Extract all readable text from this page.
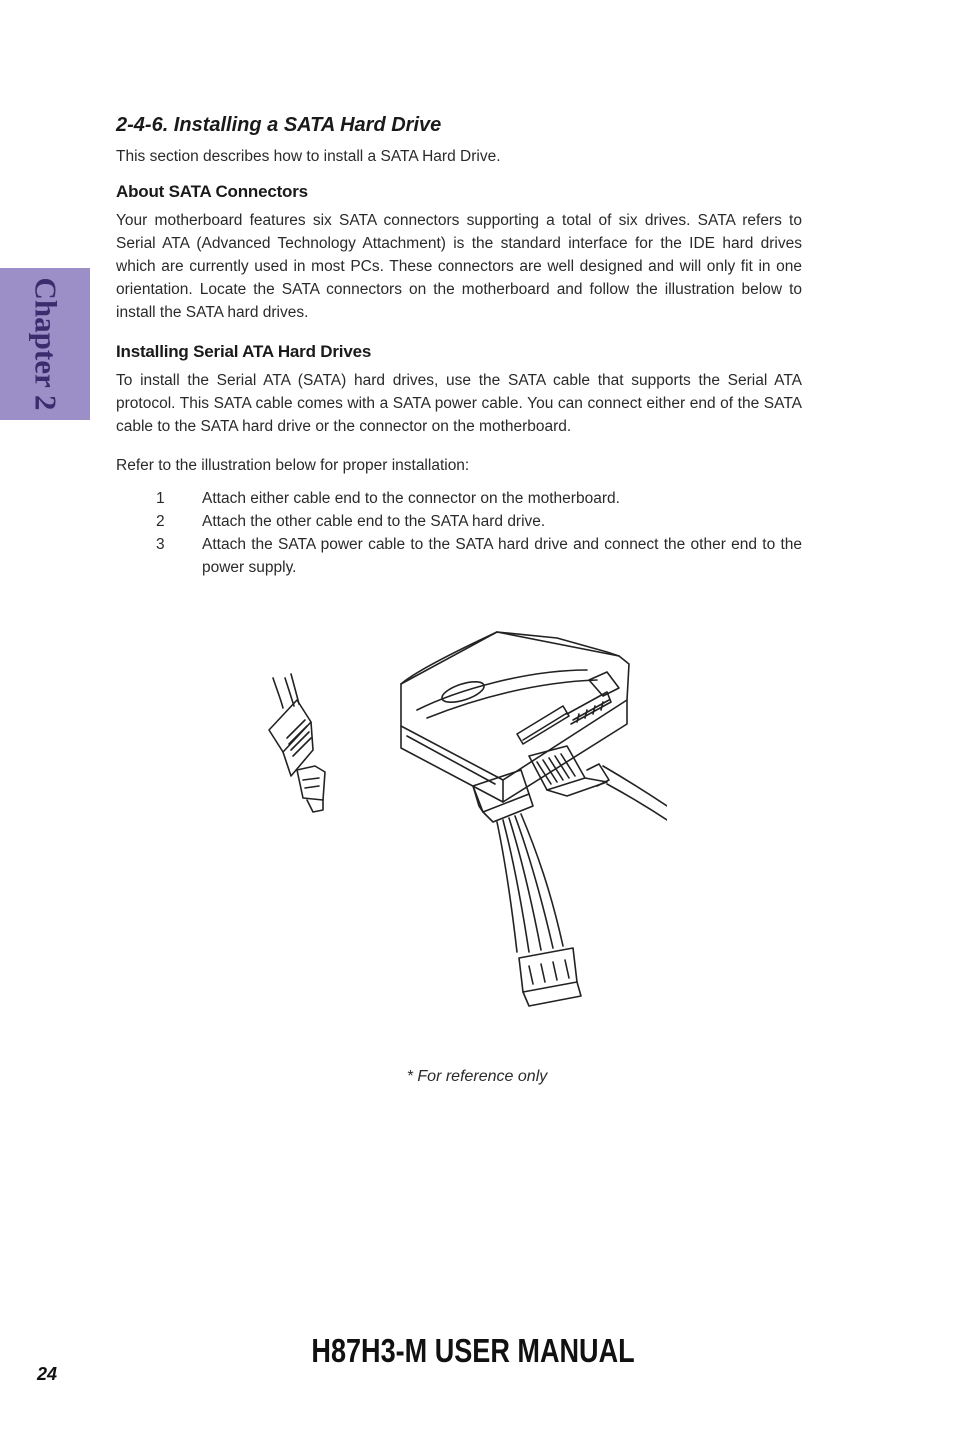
Chapter 2
2-4-6. Installing a SATA Hard Drive

This section describes how to install a SATA Hard Drive.

About SATA Connectors

Your motherboard features six SATA connectors supporting a total of six drives. SATA refers to Serial ATA (Advanced Technology Attachment) is the standard interface for the IDE hard drives which are currently used in most PCs. These connectors are well designed and will only fit in one orientation. Locate the SATA connectors on the motherboard and follow the illustration below to install the SATA hard drives.

Installing Serial ATA Hard Drives

To install the Serial ATA (SATA) hard drives, use the SATA cable that supports the Serial ATA protocol. This SATA cable comes with a SATA power cable. You can connect either end of the SATA cable to the SATA hard drive or the connector on the motherboard.

Refer to the illustration below for proper installation:

1	Attach either cable end to the connector on the motherboard.
2	Attach the other cable end to the SATA hard drive.
3	Attach the SATA power cable to the SATA hard drive and connect the other end to the power supply.
* For reference only
24
H87H3-M USER MANUAL
